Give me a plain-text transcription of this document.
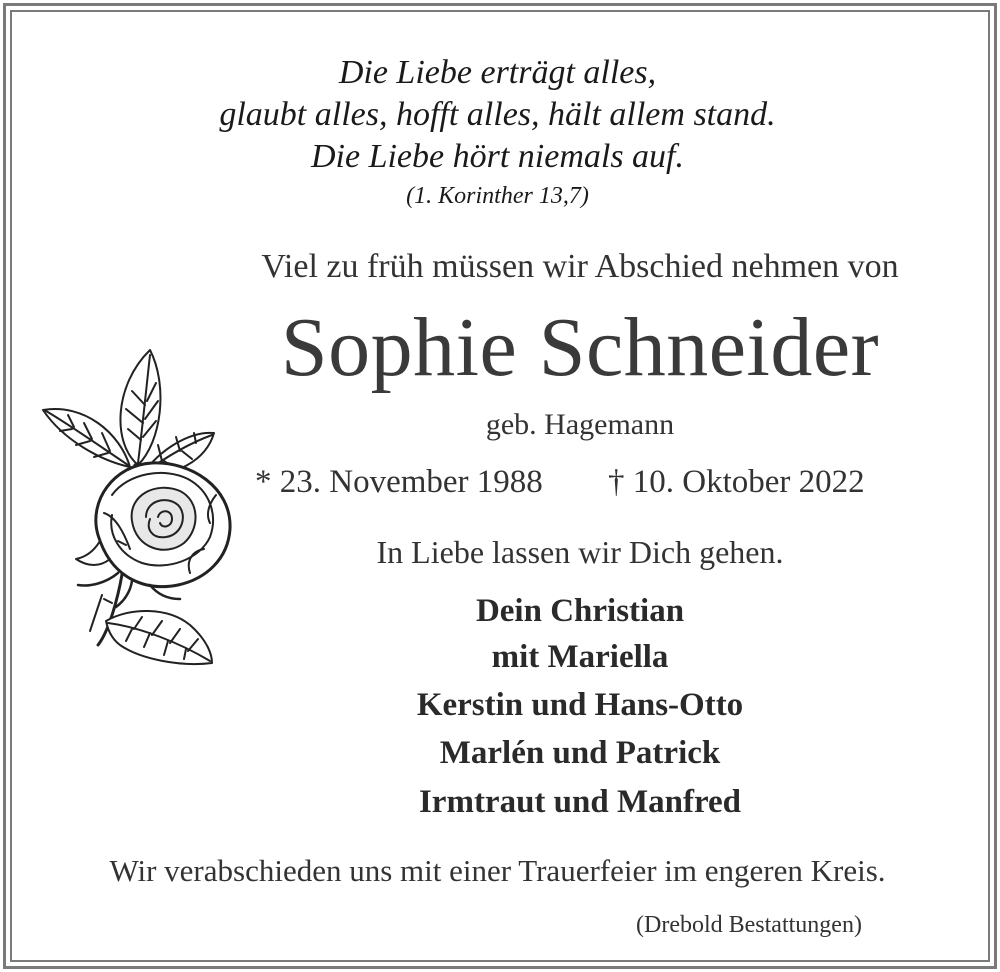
Die Liebe erträgt alles,
glaubt alles, hofft alles, hält allem stand.
Die Liebe hört niemals auf.
(1. Korinther 13,7)
Viel zu früh müssen wir Abschied nehmen von
Sophie Schneider
geb. Hagemann
* 23. November 1988 † 10. Oktober 2022
In Liebe lassen wir Dich gehen.
Dein Christian
mit Mariella
Kerstin und Hans-Otto
Marlén und Patrick
Irmtraut und Manfred
Wir verabschieden uns mit einer Trauerfeier im engeren Kreis.
(Drebold Bestattungen)
